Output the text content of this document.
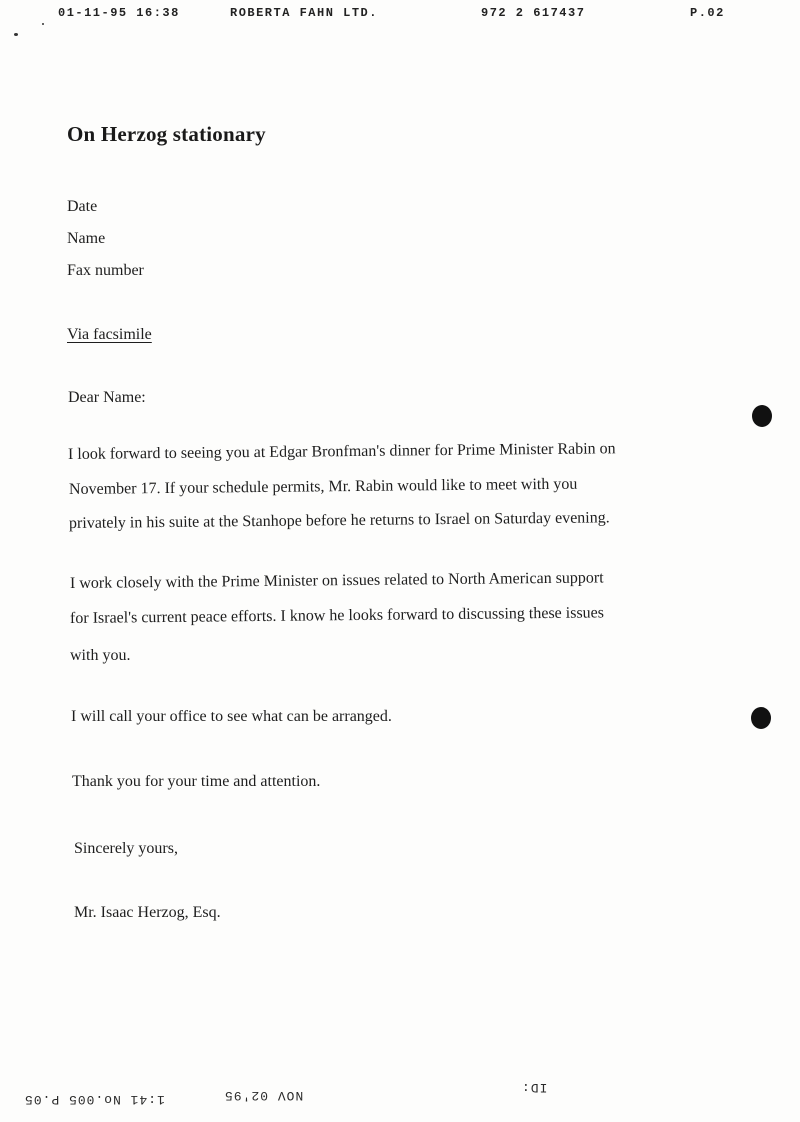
01-11-95 16:38	ROBERTA FAHN LTD.	972 2 617437	P.02
On Herzog stationary
Date
Name
Fax number
Via facsimile
Dear Name:
I look forward to seeing you at Edgar Bronfman's dinner for Prime Minister Rabin on
November 17. If your schedule permits, Mr. Rabin would like to meet with you
privately in his suite at the Stanhope before he returns to Israel on Saturday evening.
I work closely with the Prime Minister on issues related to North American support
for Israel's current peace efforts. I know he looks forward to discussing these issues
with you.
I will call your office to see what can be arranged.
Thank you for your time and attention.
Sincerely yours,
Mr. Isaac Herzog, Esq.
ID:
NOV 02'95
1:41 No.005 P.05
